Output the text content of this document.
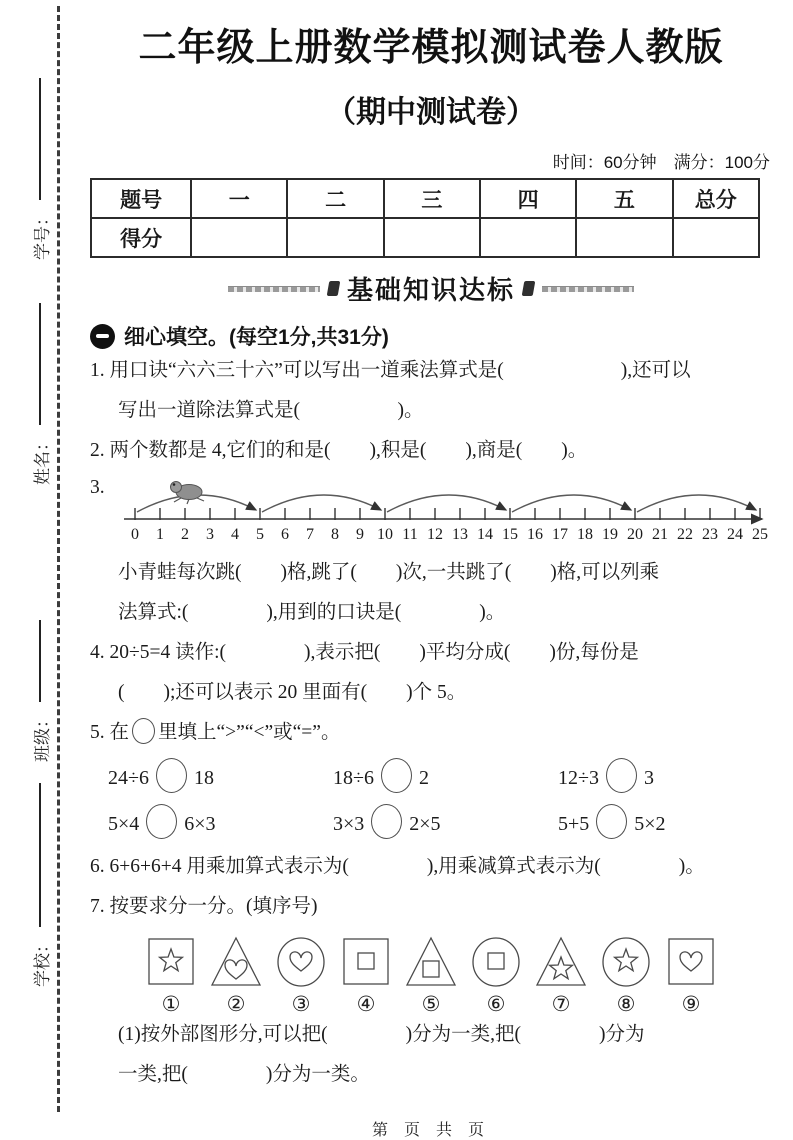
学号：
姓名：
班级：
学校：
二年级上册数学模拟测试卷人教版
（期中测试卷）
时间：60分钟　满分：100分
题号	一	二	三	四	五	总分
得分						
基础知识达标
细心填空。(每空1分,共31分)
1. 用口诀“六六三十六”可以写出一道乘法算式是(　　　　　　),还可以
写出一道除法算式是(　　　　　)。
2. 两个数都是 4,它们的和是(　　),积是(　　),商是(　　)。
3.
0 1 2 3 4 5 6 7 8 9 10 11 12 13 14 15 16 17 18 19 20 21 22 23 24 25
小青蛙每次跳(　　)格,跳了(　　)次,一共跳了(　　)格,可以列乘
法算式:(　　　　),用到的口诀是(　　　　)。
4. 20÷5=4 读作:(　　　　),表示把(　　)平均分成(　　)份,每份是
(　　);还可以表示 20 里面有(　　)个 5。
5. 在 里填上“>”“<”或“=”。
24÷6 18	18÷6 2	12÷3 3
5×4 6×3	3×3 2×5	5+5 5×2
6. 6+6+6+4 用乘加算式表示为(　　　　),用乘减算式表示为(　　　　)。
7. 按要求分一分。(填序号)
① ② ③ ④ ⑤ ⑥ ⑦ ⑧ ⑨
(1)按外部图形分,可以把(　　　　)分为一类,把(　　　　)分为
一类,把(　　　　)分为一类。
第 页 共 页
